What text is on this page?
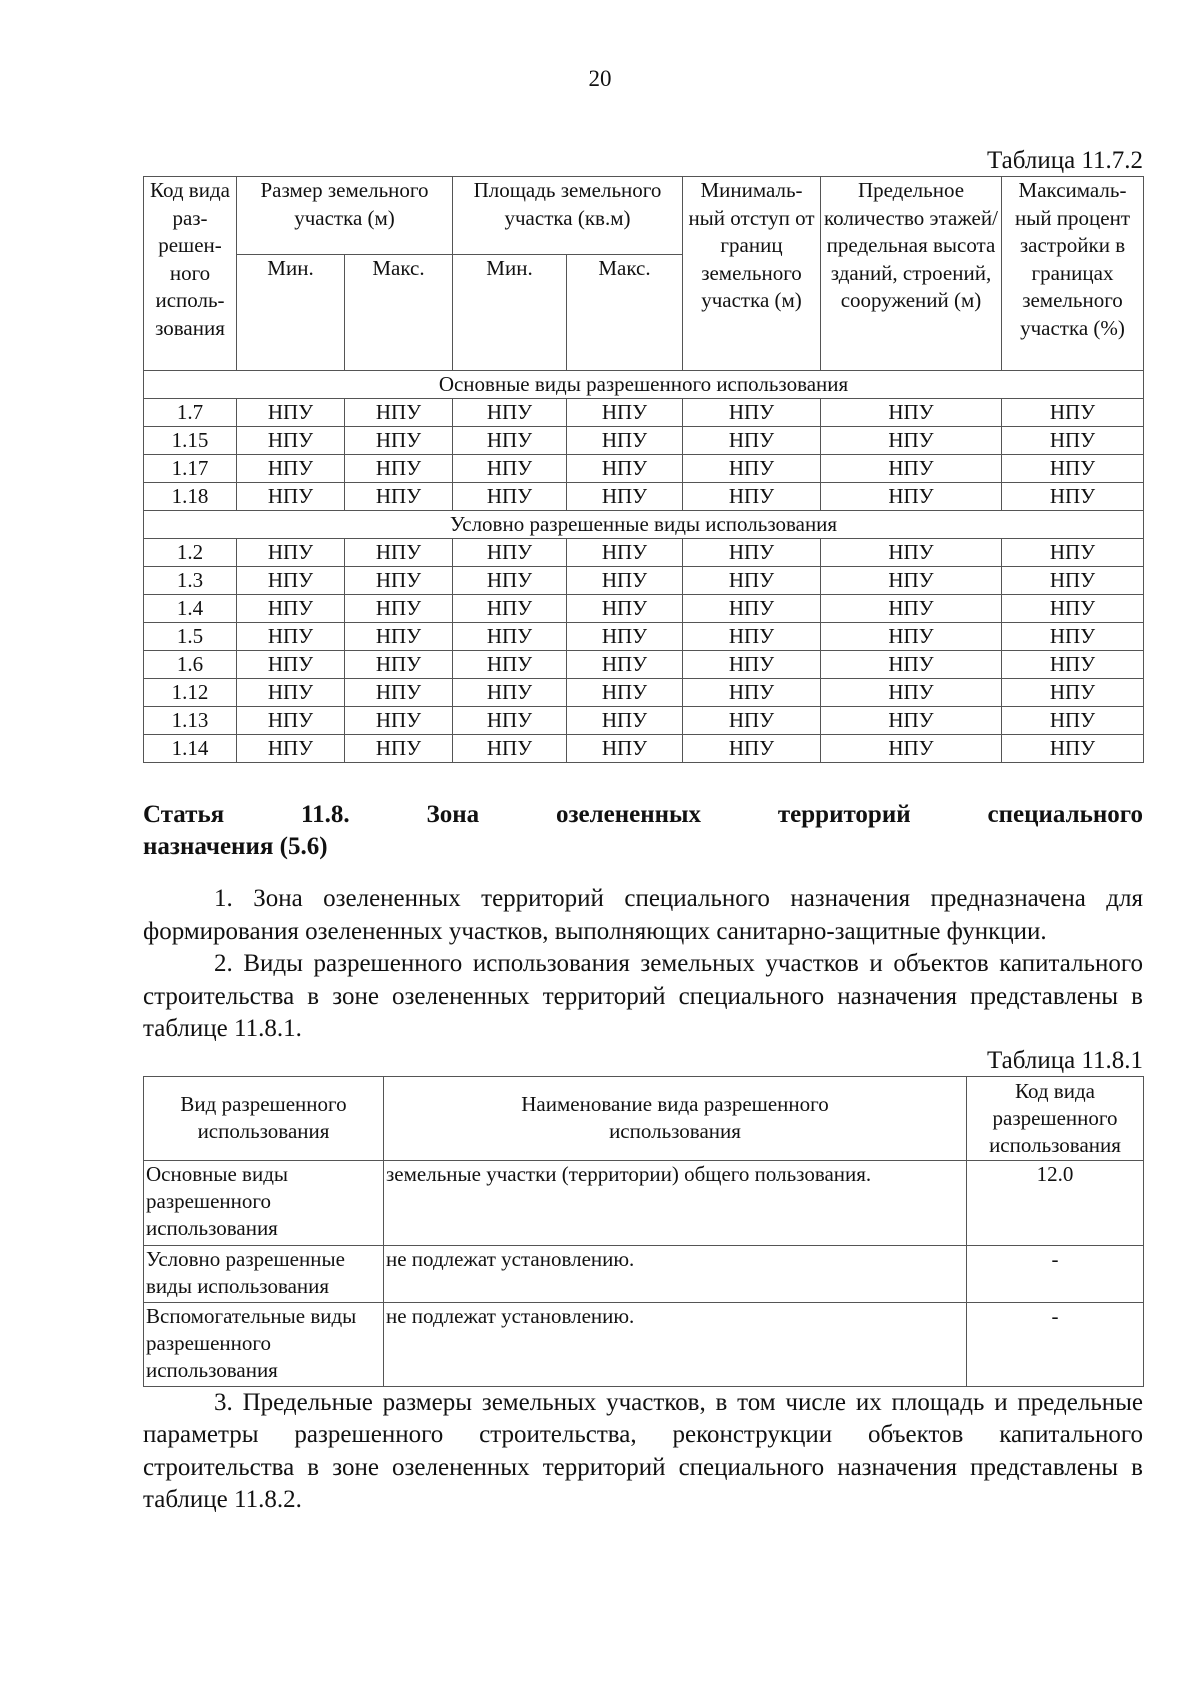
20
Таблица 11.7.2
Код вида раз-решен-ного исполь-зования	Размер земельного участка (м)		Площадь земельного участка (кв.м)		Минималь-ный отступ от границ земельного участка (м)	Предельное количество этажей/ предельная высота зданий, строений, сооружений (м)	Максималь-ный процент застройки в границах земельного участка (%)
	Мин.	Макс.	Мин.	Макс.			
Основные виды разрешенного использования							
1.7	НПУ	НПУ	НПУ	НПУ	НПУ	НПУ	НПУ
1.15	НПУ	НПУ	НПУ	НПУ	НПУ	НПУ	НПУ
1.17	НПУ	НПУ	НПУ	НПУ	НПУ	НПУ	НПУ
1.18	НПУ	НПУ	НПУ	НПУ	НПУ	НПУ	НПУ
Условно разрешенные виды использования							
1.2	НПУ	НПУ	НПУ	НПУ	НПУ	НПУ	НПУ
1.3	НПУ	НПУ	НПУ	НПУ	НПУ	НПУ	НПУ
1.4	НПУ	НПУ	НПУ	НПУ	НПУ	НПУ	НПУ
1.5	НПУ	НПУ	НПУ	НПУ	НПУ	НПУ	НПУ
1.6	НПУ	НПУ	НПУ	НПУ	НПУ	НПУ	НПУ
1.12	НПУ	НПУ	НПУ	НПУ	НПУ	НПУ	НПУ
1.13	НПУ	НПУ	НПУ	НПУ	НПУ	НПУ	НПУ
1.14	НПУ	НПУ	НПУ	НПУ	НПУ	НПУ	НПУ
Статья 11.8. Зона озелененных территорий специального
назначения (5.6)

1. Зона озелененных территорий специального назначения предназначена для формирования озелененных участков, выполняющих санитарно-защитные функции.

2. Виды разрешенного использования земельных участков и объектов капитального строительства в зоне озелененных территорий специального назначения представлены в таблице 11.8.1.

Таблица 11.8.1
Вид разрешенного использования	Наименование вида разрешенного использования	Код вида разрешенного использования
Основные виды разрешенного использования	земельные участки (территории) общего пользования.	12.0
Условно разрешенные виды использования	не подлежат установлению.	-
Вспомогательные виды разрешенного использования	не подлежат установлению.	-

3. Предельные размеры земельных участков, в том числе их площадь и предельные параметры разрешенного строительства, реконструкции объектов капитального строительства в зоне озелененных территорий специального назначения представлены в таблице 11.8.2.
